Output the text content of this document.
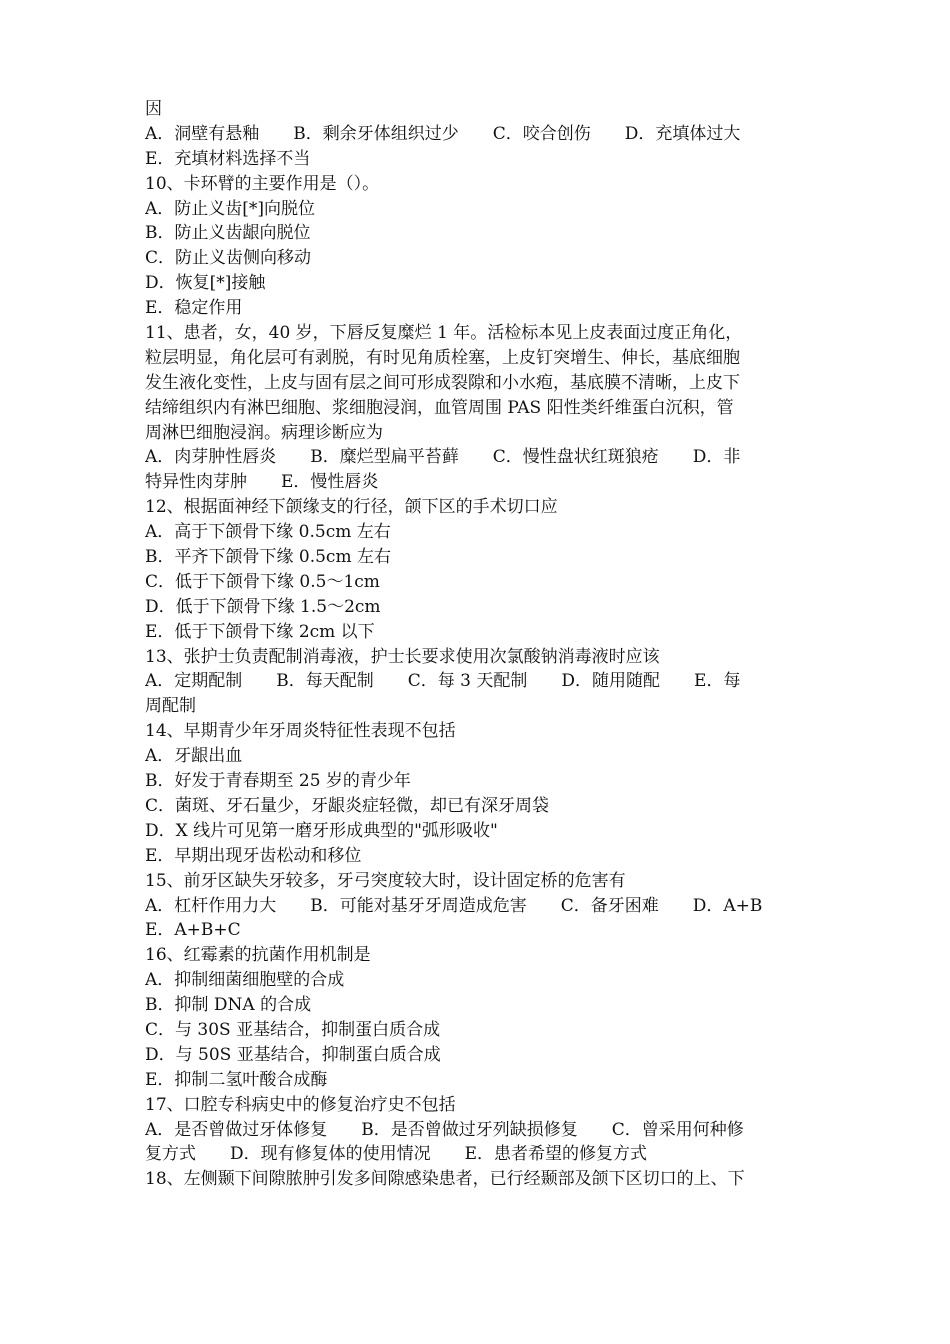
因
A．洞壁有悬釉　　B．剩余牙体组织过少　　C．咬合创伤　　D．充填体过大
E．充填材料选择不当
10、卡环臂的主要作用是（）。
A．防止义齿[*]向脱位
B．防止义齿龈向脱位
C．防止义齿侧向移动
D．恢复[*]接触
E．稳定作用
11、患者，女，40 岁，下唇反复糜烂 1 年。活检标本见上皮表面过度正角化，
粒层明显，角化层可有剥脱，有时见角质栓塞，上皮钉突增生、伸长，基底细胞
发生液化变性，上皮与固有层之间可形成裂隙和小水疱，基底膜不清晰，上皮下
结缔组织内有淋巴细胞、浆细胞浸润，血管周围 PAS 阳性类纤维蛋白沉积，管
周淋巴细胞浸润。病理诊断应为
A．肉芽肿性唇炎　　B．糜烂型扁平苔藓　　C．慢性盘状红斑狼疮　　D．非
特异性肉芽肿　　E．慢性唇炎
12、根据面神经下颌缘支的行径，颌下区的手术切口应
A．高于下颌骨下缘 0.5cm 左右
B．平齐下颌骨下缘 0.5cm 左右
C．低于下颌骨下缘 0.5～1cm
D．低于下颌骨下缘 1.5～2cm
E．低于下颌骨下缘 2cm 以下
13、张护士负责配制消毒液，护士长要求使用次氯酸钠消毒液时应该
A．定期配制　　B．每天配制　　C．每 3 天配制　　D．随用随配　　E．每
周配制
14、早期青少年牙周炎特征性表现不包括
A．牙龈出血
B．好发于青春期至 25 岁的青少年
C．菌斑、牙石量少，牙龈炎症轻微，却已有深牙周袋
D．X 线片可见第一磨牙形成典型的"弧形吸收"
E．早期出现牙齿松动和移位
15、前牙区缺失牙较多，牙弓突度较大时，设计固定桥的危害有
A．杠杆作用力大　　B．可能对基牙牙周造成危害　　C．备牙困难　　D．A+B
E．A+B+C
16、红霉素的抗菌作用机制是
A．抑制细菌细胞壁的合成
B．抑制 DNA 的合成
C．与 30S 亚基结合，抑制蛋白质合成
D．与 50S 亚基结合，抑制蛋白质合成
E．抑制二氢叶酸合成酶
17、口腔专科病史中的修复治疗史不包括
A．是否曾做过牙体修复　　B．是否曾做过牙列缺损修复　　C．曾采用何种修
复方式　　D．现有修复体的使用情况　　E．患者希望的修复方式
18、左侧颞下间隙脓肿引发多间隙感染患者，已行经颞部及颌下区切口的上、下
